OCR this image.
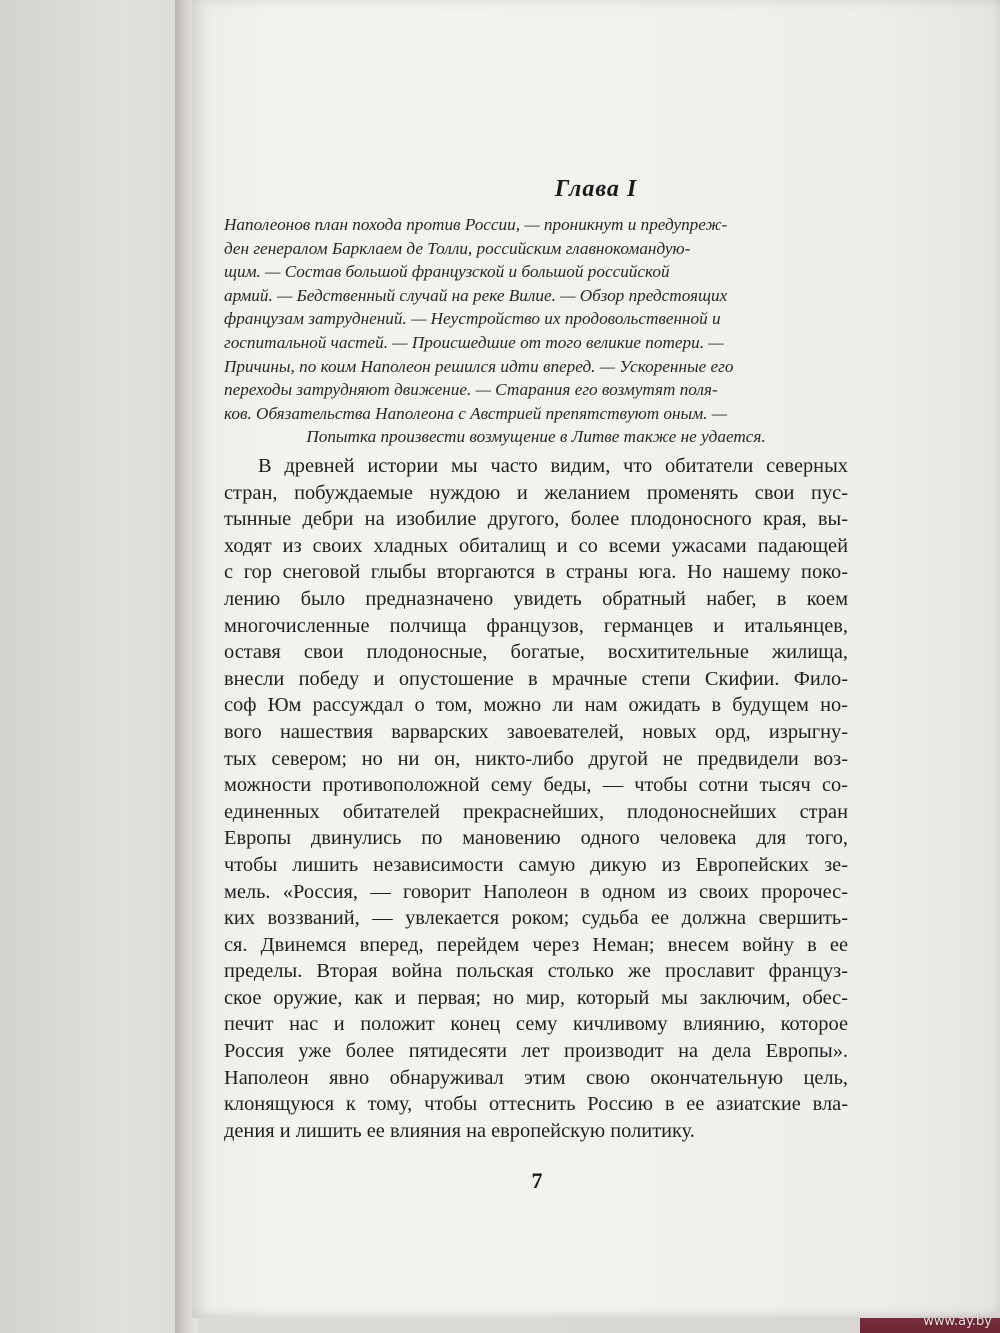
Глава I
Наполеонов план похода против России, — проникнут и предупреж-
ден генералом Барклаем де Толли, российским главнокомандую-
щим. — Состав большой французской и большой российской
армий. — Бедственный случай на реке Вилие. — Обзор предстоящих
французам затруднений. — Неустройство их продовольственной и
госпитальной частей. — Происшедшие от того великие потери. —
Причины, по коим Наполеон решился идти вперед. — Ускоренные его
переходы затрудняют движение. — Старания его возмутят поля-
ков. Обязательства Наполеона с Австрией препятствуют оным. —
Попытка произвести возмущение в Литве также не удается.
В древней истории мы часто видим, что обитатели северных
стран, побуждаемые нуждою и желанием променять свои пус-
тынные дебри на изобилие другого, более плодоносного края, вы-
ходят из своих хладных обиталищ и со всеми ужасами падающей
с гор снеговой глыбы вторгаются в страны юга. Но нашему поко-
лению было предназначено увидеть обратный набег, в коем
многочисленные полчища французов, германцев и итальянцев,
оставя свои плодоносные, богатые, восхитительные жилища,
внесли победу и опустошение в мрачные степи Скифии. Фило-
соф Юм рассуждал о том, можно ли нам ожидать в будущем но-
вого нашествия варварских завоевателей, новых орд, изрыгну-
тых севером; но ни он, никто-либо другой не предвидели воз-
можности противоположной сему беды, — чтобы сотни тысяч со-
единенных обитателей прекраснейших, плодоноснейших стран
Европы двинулись по мановению одного человека для того,
чтобы лишить независимости самую дикую из Европейских зе-
мель. «Россия, — говорит Наполеон в одном из своих пророчес-
ких воззваний, — увлекается роком; судьба ее должна свершить-
ся. Двинемся вперед, перейдем через Неман; внесем войну в ее
пределы. Вторая война польская столько же прославит француз-
ское оружие, как и первая; но мир, который мы заключим, обес-
печит нас и положит конец сему кичливому влиянию, которое
Россия уже более пятидесяти лет производит на дела Европы».
Наполеон явно обнаруживал этим свою окончательную цель,
клонящуюся к тому, чтобы оттеснить Россию в ее азиатские вла-
дения и лишить ее влияния на европейскую политику.
7
www.ay.by
